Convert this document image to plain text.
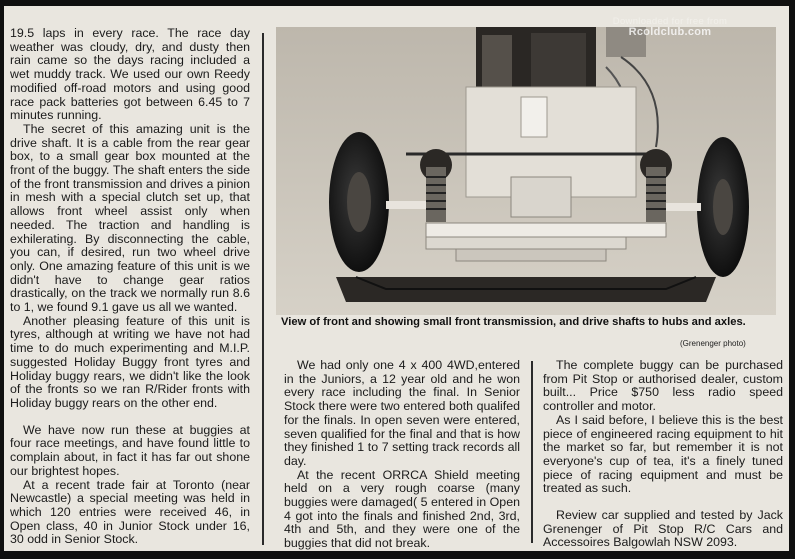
19.5 laps in every race. The race day weather was cloudy, dry, and dusty then rain came so the days racing included a wet muddy track. We used our own Reedy modified off-road motors and using good race pack batteries got between 6.45 to 7 minutes running.

The secret of this amazing unit is the drive shaft. It is a cable from the rear gear box, to a small gear box mounted at the front of the buggy. The shaft enters the side of the front transmission and drives a pinion in mesh with a special clutch set up, that allows front wheel assist only when needed. The traction and handling is exhilerating. By disconnecting the cable, you can, if desired, run two wheel drive only. One amazing feature of this unit is we didn't have to change gear ratios drastically, on the track we normally run 8.6 to 1, we found 9.1 gave us all we wanted.

Another pleasing feature of this unit is tyres, although at writing we have not had time to do much experimenting and M.I.P. suggested Holiday Buggy front tyres and Holiday buggy rears, we didn't like the look of the fronts so we ran R/Rider fronts with Holiday buggy rears on the other end.

We have now run these at buggies at four race meetings, and have found little to complain about, in fact it has far out shone our brightest hopes.

At a recent trade fair at Toronto (near Newcastle) a special meeting was held in which 120 entries were received 46, in Open class, 40 in Junior Stock under 16, 30 odd in Senior Stock.

Downloaded for free from
Rcoldclub.com
View of front and showing small front transmission, and drive shafts to hubs and axles.
(Grenenger photo)

We had only one 4 x 400 4WD,entered in the Juniors, a 12 year old and he won every race including the final. In Senior Stock there were two entered both qualifed for the finals. In open seven were entered, seven qualified for the final and that is how they finished 1 to 7 setting track records all day.

At the recent ORRCA Shield meeting held on a very rough coarse (many buggies were damaged( 5 entered in Open 4 got into the finals and finished 2nd, 3rd, 4th and 5th, and they were one of the buggies that did not break.

The complete buggy can be purchased from Pit Stop or authorised dealer, custom built... Price $750 less radio speed controller and motor.

As I said before, I believe this is the best piece of engineered racing equipment to hit the market so far, but remember it is not everyone's cup of tea, it's a finely tuned piece of racing equipment and must be treated as such.

Review car supplied and tested by Jack Grenenger of Pit Stop R/C Cars and Accessoires Balgowlah NSW 2093.
